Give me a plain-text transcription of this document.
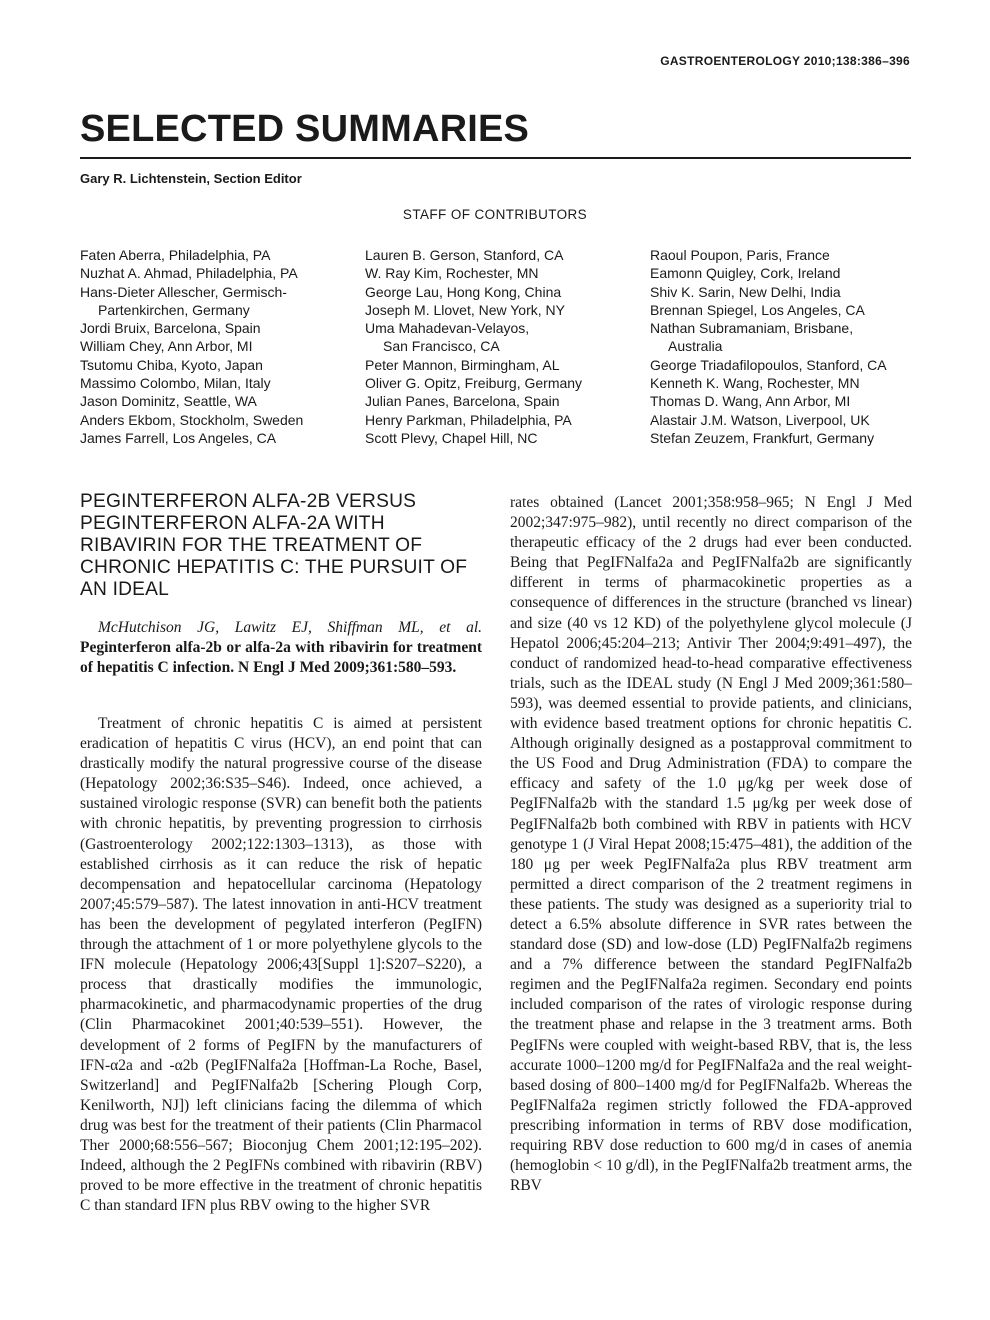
GASTROENTEROLOGY 2010;138:386–396
SELECTED SUMMARIES
Gary R. Lichtenstein, Section Editor
STAFF OF CONTRIBUTORS
Faten Aberra, Philadelphia, PA
Nuzhat A. Ahmad, Philadelphia, PA
Hans-Dieter Allescher, Germisch-
Partenkirchen, Germany
Jordi Bruix, Barcelona, Spain
William Chey, Ann Arbor, MI
Tsutomu Chiba, Kyoto, Japan
Massimo Colombo, Milan, Italy
Jason Dominitz, Seattle, WA
Anders Ekbom, Stockholm, Sweden
James Farrell, Los Angeles, CA
Lauren B. Gerson, Stanford, CA
W. Ray Kim, Rochester, MN
George Lau, Hong Kong, China
Joseph M. Llovet, New York, NY
Uma Mahadevan-Velayos,
San Francisco, CA
Peter Mannon, Birmingham, AL
Oliver G. Opitz, Freiburg, Germany
Julian Panes, Barcelona, Spain
Henry Parkman, Philadelphia, PA
Scott Plevy, Chapel Hill, NC
Raoul Poupon, Paris, France
Eamonn Quigley, Cork, Ireland
Shiv K. Sarin, New Delhi, India
Brennan Spiegel, Los Angeles, CA
Nathan Subramaniam, Brisbane,
Australia
George Triadafilopoulos, Stanford, CA
Kenneth K. Wang, Rochester, MN
Thomas D. Wang, Ann Arbor, MI
Alastair J.M. Watson, Liverpool, UK
Stefan Zeuzem, Frankfurt, Germany
PEGINTERFERON ALFA-2B VERSUS PEGINTERFERON ALFA-2A WITH RIBAVIRIN FOR THE TREATMENT OF CHRONIC HEPATITIS C: THE PURSUIT OF AN IDEAL

McHutchison JG, Lawitz EJ, Shiffman ML, et al. Peginterferon alfa-2b or alfa-2a with ribavirin for treatment of hepatitis C infection. N Engl J Med 2009;361:580–593.

Treatment of chronic hepatitis C is aimed at persistent eradication of hepatitis C virus (HCV), an end point that can drastically modify the natural progressive course of the disease (Hepatology 2002;36:S35–S46). Indeed, once achieved, a sustained virologic response (SVR) can benefit both the patients with chronic hepatitis, by preventing progression to cirrhosis (Gastroenterology 2002;122:1303–1313), as those with established cirrhosis as it can reduce the risk of hepatic decompensation and hepatocellular carcinoma (Hepatology 2007;45:579–587). The latest innovation in anti-HCV treatment has been the development of pegylated interferon (PegIFN) through the attachment of 1 or more polyethylene glycols to the IFN molecule (Hepatology 2006;43[Suppl 1]:S207–S220), a process that drastically modifies the immunologic, pharmacokinetic, and pharmacodynamic properties of the drug (Clin Pharmacokinet 2001;40:539–551). However, the development of 2 forms of PegIFN by the manufacturers of IFN-α2a and -α2b (PegIFNalfa2a [Hoffman-La Roche, Basel, Switzerland] and PegIFNalfa2b [Schering Plough Corp, Kenilworth, NJ]) left clinicians facing the dilemma of which drug was best for the treatment of their patients (Clin Pharmacol Ther 2000;68:556–567; Bioconjug Chem 2001;12:195–202). Indeed, although the 2 PegIFNs combined with ribavirin (RBV) proved to be more effective in the treatment of chronic hepatitis C than standard IFN plus RBV owing to the higher SVR

rates obtained (Lancet 2001;358:958–965; N Engl J Med 2002;347:975–982), until recently no direct comparison of the therapeutic efficacy of the 2 drugs had ever been conducted. Being that PegIFNalfa2a and PegIFNalfa2b are significantly different in terms of pharmacokinetic properties as a consequence of differences in the structure (branched vs linear) and size (40 vs 12 KD) of the polyethylene glycol molecule (J Hepatol 2006;45:204–213; Antivir Ther 2004;9:491–497), the conduct of randomized head-to-head comparative effectiveness trials, such as the IDEAL study (N Engl J Med 2009;361:580–593), was deemed essential to provide patients, and clinicians, with evidence based treatment options for chronic hepatitis C. Although originally designed as a postapproval commitment to the US Food and Drug Administration (FDA) to compare the efficacy and safety of the 1.0 μg/kg per week dose of PegIFNalfa2b with the standard 1.5 μg/kg per week dose of PegIFNalfa2b both combined with RBV in patients with HCV genotype 1 (J Viral Hepat 2008;15:475–481), the addition of the 180 μg per week PegIFNalfa2a plus RBV treatment arm permitted a direct comparison of the 2 treatment regimens in these patients. The study was designed as a superiority trial to detect a 6.5% absolute difference in SVR rates between the standard dose (SD) and low-dose (LD) PegIFNalfa2b regimens and a 7% difference between the standard PegIFNalfa2b regimen and the PegIFNalfa2a regimen. Secondary end points included comparison of the rates of virologic response during the treatment phase and relapse in the 3 treatment arms. Both PegIFNs were coupled with weight-based RBV, that is, the less accurate 1000–1200 mg/d for PegIFNalfa2a and the real weight-based dosing of 800–1400 mg/d for PegIFNalfa2b. Whereas the PegIFNalfa2a regimen strictly followed the FDA-approved prescribing information in terms of RBV dose modification, requiring RBV dose reduction to 600 mg/d in cases of anemia (hemoglobin < 10 g/dl), in the PegIFNalfa2b treatment arms, the RBV
